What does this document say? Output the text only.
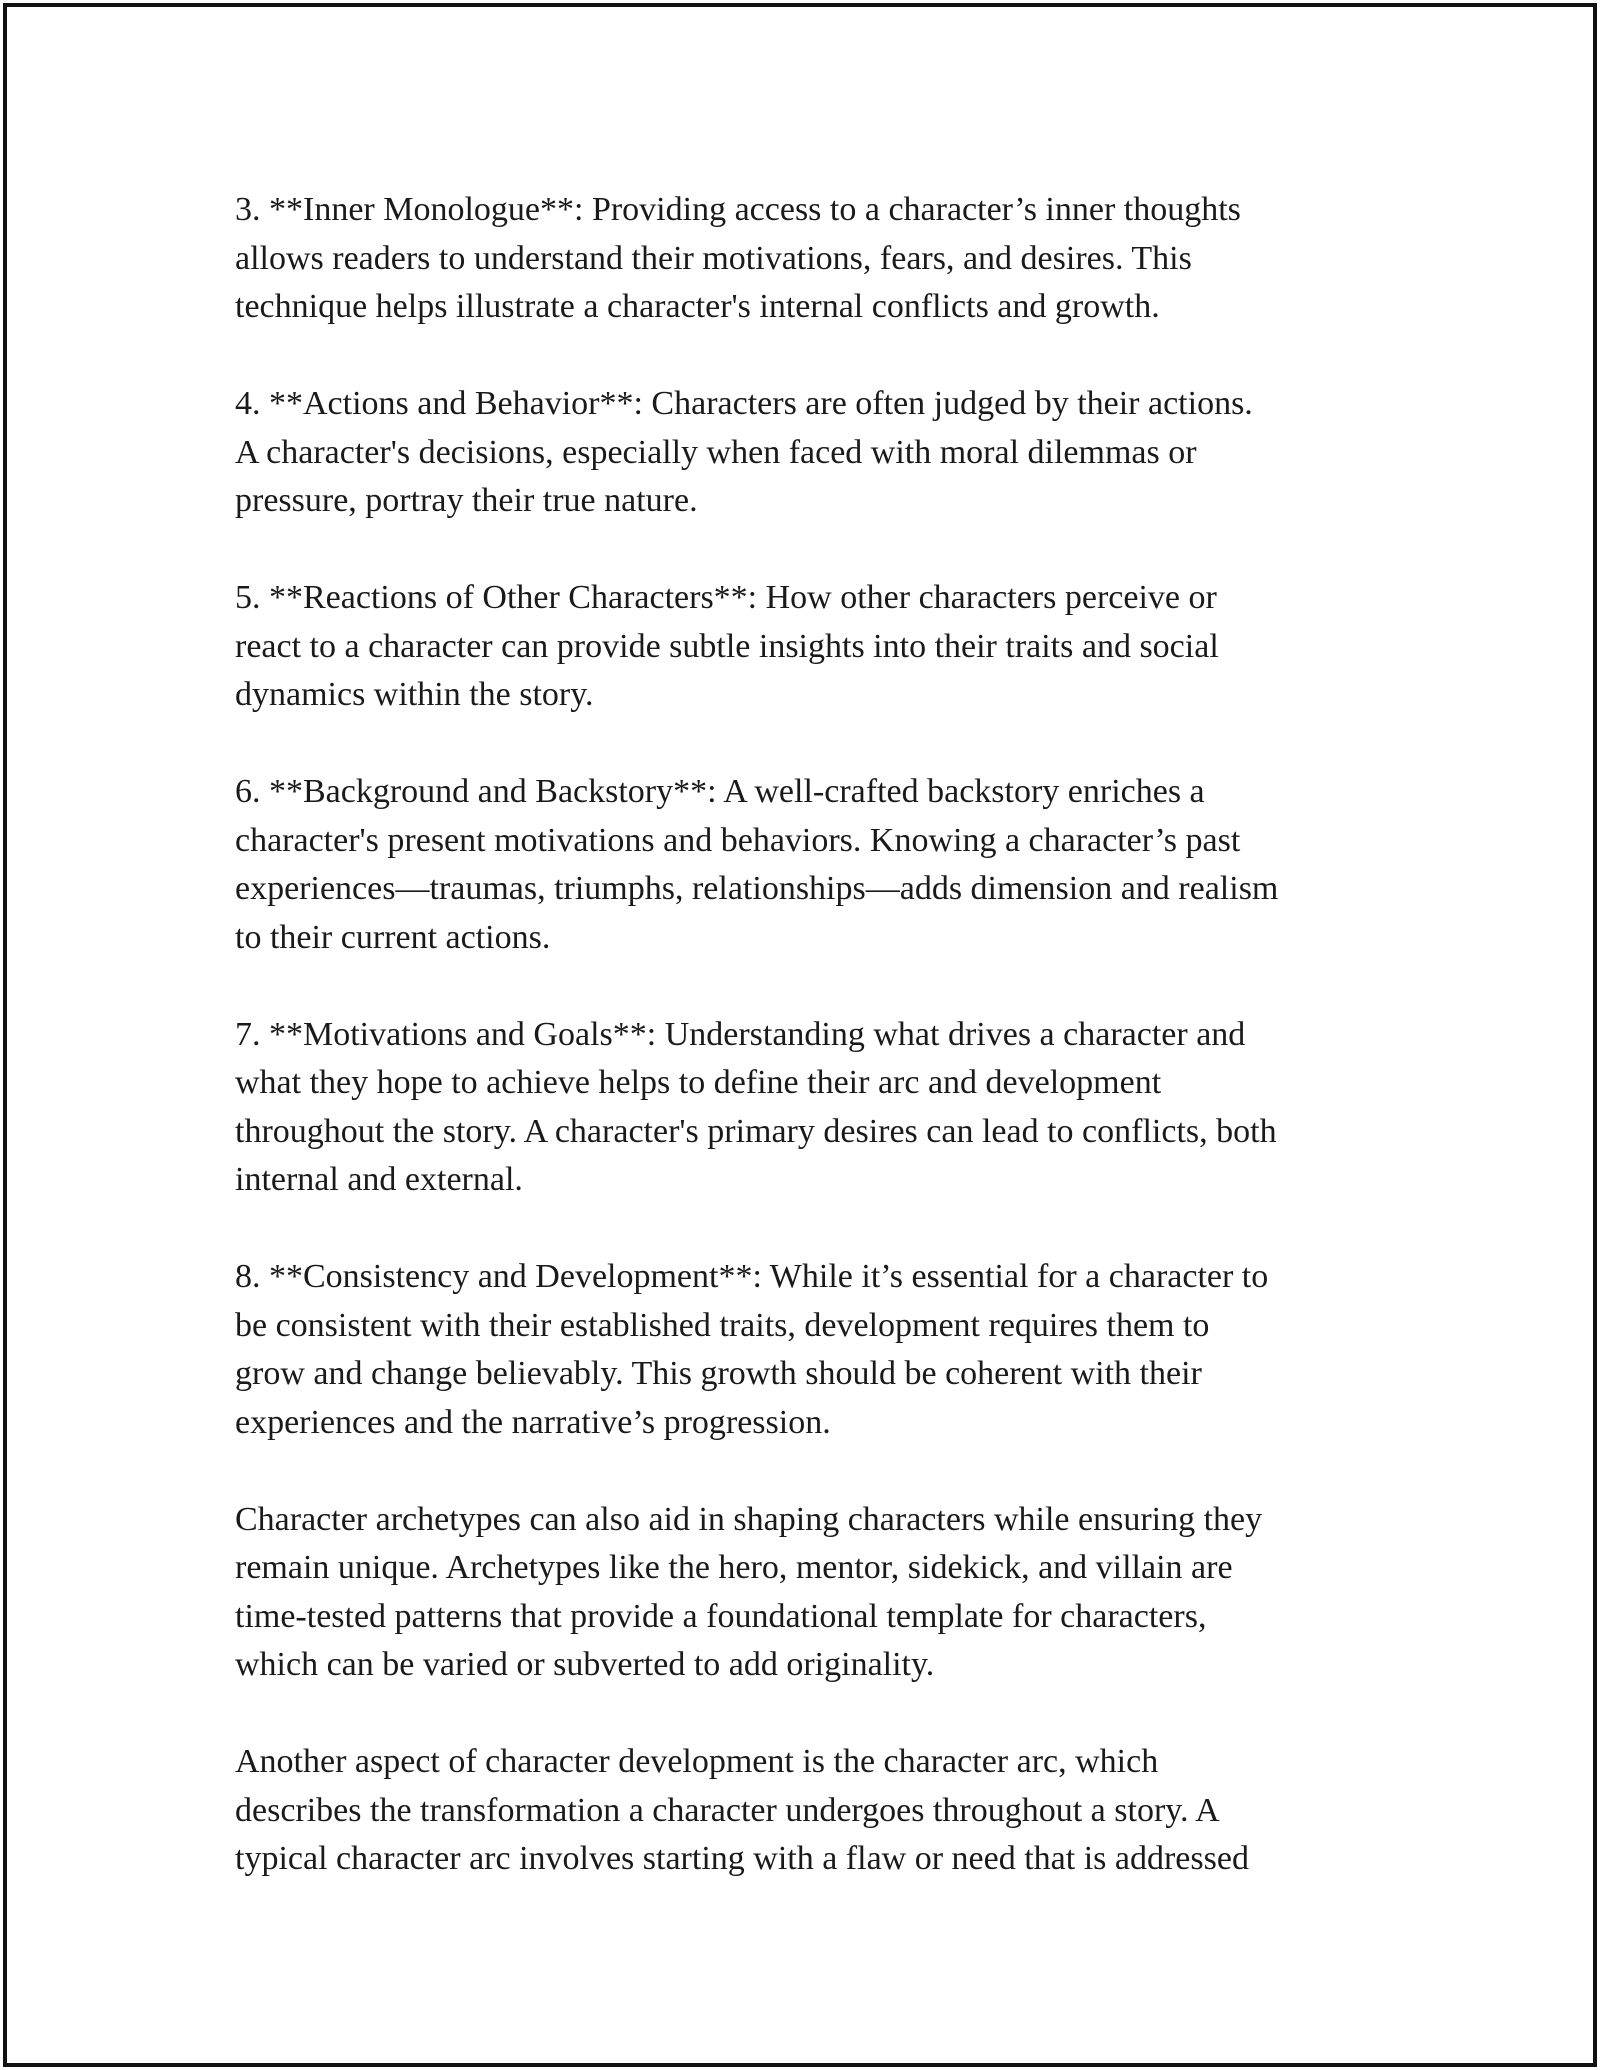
3. **Inner Monologue**: Providing access to a character’s inner thoughts
allows readers to understand their motivations, fears, and desires. This
technique helps illustrate a character's internal conflicts and growth.

4. **Actions and Behavior**: Characters are often judged by their actions.
A character's decisions, especially when faced with moral dilemmas or
pressure, portray their true nature.

5. **Reactions of Other Characters**: How other characters perceive or
react to a character can provide subtle insights into their traits and social
dynamics within the story.

6. **Background and Backstory**: A well-crafted backstory enriches a
character's present motivations and behaviors. Knowing a character’s past
experiences—traumas, triumphs, relationships—adds dimension and realism
to their current actions.

7. **Motivations and Goals**: Understanding what drives a character and
what they hope to achieve helps to define their arc and development
throughout the story. A character's primary desires can lead to conflicts, both
internal and external.

8. **Consistency and Development**: While it’s essential for a character to
be consistent with their established traits, development requires them to
grow and change believably. This growth should be coherent with their
experiences and the narrative’s progression.

Character archetypes can also aid in shaping characters while ensuring they
remain unique. Archetypes like the hero, mentor, sidekick, and villain are
time-tested patterns that provide a foundational template for characters,
which can be varied or subverted to add originality.

Another aspect of character development is the character arc, which
describes the transformation a character undergoes throughout a story. A
typical character arc involves starting with a flaw or need that is addressed
